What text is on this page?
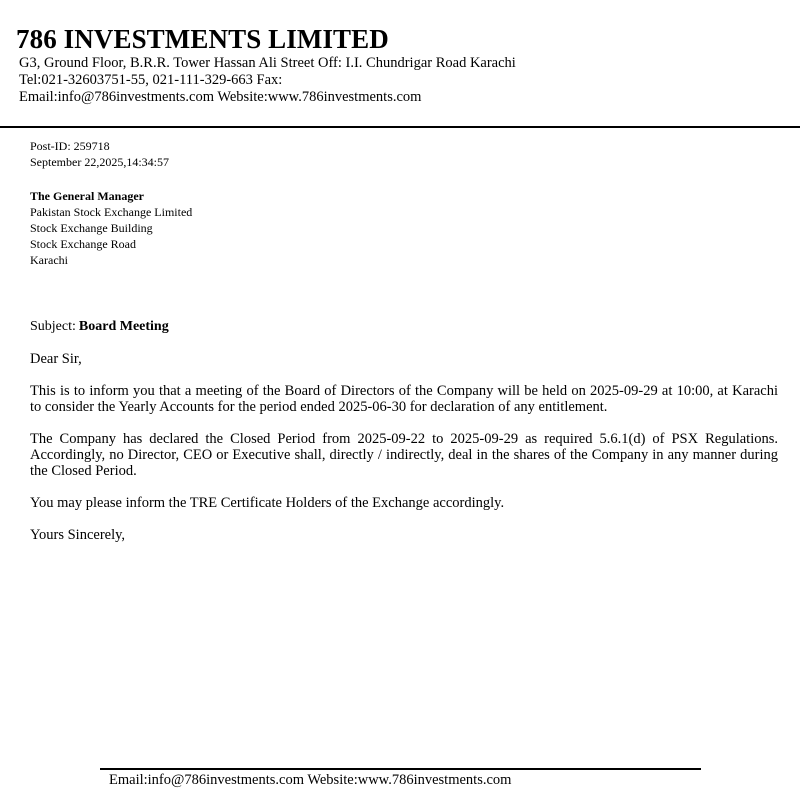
786 INVESTMENTS LIMITED
G3, Ground Floor, B.R.R. Tower Hassan Ali Street Off: I.I. Chundrigar Road Karachi
Tel:021-32603751-55, 021-111-329-663 Fax:
Email:info@786investments.com Website:www.786investments.com
Post-ID: 259718
September 22,2025,14:34:57
The General Manager
Pakistan Stock Exchange Limited
Stock Exchange Building
Stock Exchange Road
Karachi
Subject: Board Meeting
Dear Sir,
This is to inform you that a meeting of the Board of Directors of the Company will be held on 2025-09-29 at 10:00, at Karachi to consider the Yearly Accounts for the period ended 2025-06-30 for declaration of any entitlement.
The Company has declared the Closed Period from 2025-09-22 to 2025-09-29 as required 5.6.1(d) of PSX Regulations. Accordingly, no Director, CEO or Executive shall, directly / indirectly, deal in the shares of the Company in any manner during the Closed Period.
You may please inform the TRE Certificate Holders of the Exchange accordingly.
Yours Sincerely,
Email:info@786investments.com Website:www.786investments.com
